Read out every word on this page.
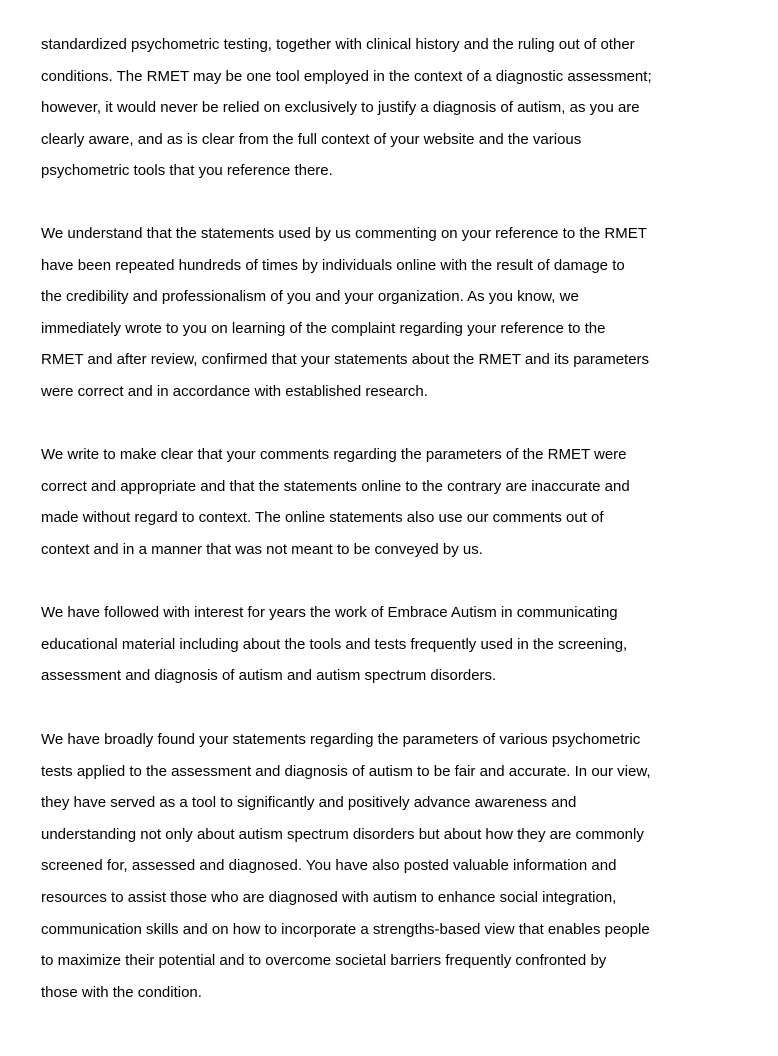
standardized psychometric testing, together with clinical history and the ruling out of other
conditions. The RMET may be one tool employed in the context of a diagnostic assessment;
however, it would never be relied on exclusively to justify a diagnosis of autism, as you are
clearly aware, and as is clear from the full context of your website and the various
psychometric tools that you reference there.
We understand that the statements used by us commenting on your reference to the RMET
have been repeated hundreds of times by individuals online with the result of damage to
the credibility and professionalism of you and your organization. As you know, we
immediately wrote to you on learning of the complaint regarding your reference to the
RMET and after review, confirmed that your statements about the RMET and its parameters
were correct and in accordance with established research.
We write to make clear that your comments regarding the parameters of the RMET were
correct and appropriate and that the statements online to the contrary are inaccurate and
made without regard to context. The online statements also use our comments out of
context and in a manner that was not meant to be conveyed by us.
We have followed with interest for years the work of Embrace Autism in communicating
educational material including about the tools and tests frequently used in the screening,
assessment and diagnosis of autism and autism spectrum disorders.
We have broadly found your statements regarding the parameters of various psychometric
tests applied to the assessment and diagnosis of autism to be fair and accurate. In our view,
they have served as a tool to significantly and positively advance awareness and
understanding not only about autism spectrum disorders but about how they are commonly
screened for, assessed and diagnosed. You have also posted valuable information and
resources to assist those who are diagnosed with autism to enhance social integration,
communication skills and on how to incorporate a strengths-based view that enables people
to maximize their potential and to overcome societal barriers frequently confronted by
those with the condition.
